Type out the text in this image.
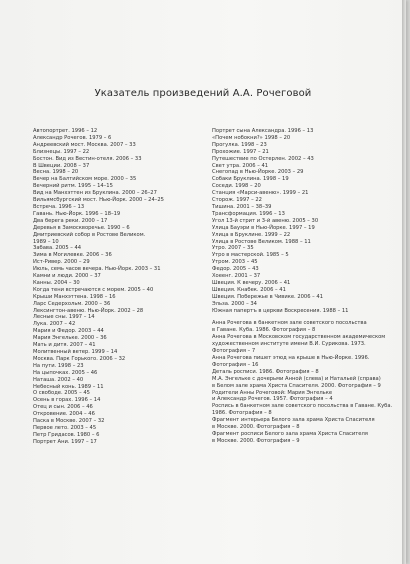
Указатель произведений А.А. Рочеговой
Автопортрет. 1996 – 12
Александр Рочегов. 1979 – 6
Андреевский мост. Москва. 2007 – 33
Близнецы. 1997 – 22
Бостон. Вид из Вестин-отеля. 2006 – 33
В Швеции. 2008 – 37
Весна. 1998 – 20
Вечер на Балтийском море. 2000 – 35
Вечерний ритм. 1995 – 14–15
Вид на Манхэттен из Бруклина. 2000 – 26–27
Вильямсбургский мост. Нью-Йорк. 2000 – 24–25
Встреча. 1996 – 13
Гавань. Нью-Йорк. 1996 – 18–19
Два берега реки. 2000 – 17
Деревья в Замоскворечье. 1990 – 6
Дмитриевский собор в Ростове Великом.
1989 – 10
Забава. 2005 – 44
Зима в Могилевке. 2006 – 36
Ист-Ривер. 2000 – 29
Июль, семь часов вечера. Нью-Йорк. 2003 – 31
Камни и люди. 2000 – 37
Канны. 2004 – 30
Когда тени встречаются с морем. 2005 – 40
Крыши Манхэттена. 1998 – 16
Ларс Седерхольм. 2000 – 36
Лексингтон-авеню. Нью-Йорк. 2002 – 28
Лесные сны. 1997 – 14
Лука. 2007 – 42
Мария и Федор. 2003 – 44
Мария Энгельке. 2000 – 36
Мать и дитя. 2007 – 41
Молитвенный ветер. 1999 – 14
Москва. Парк Горького. 2006 – 32
На пути. 1998 – 23
На цыпочках. 2005 – 46
Наташа. 2002 – 40
Небесный конь. 1989 – 11
О свободе. 2005 – 45
Осень в горах. 1996 – 14
Отец и сын. 2006 – 46
Откровение. 2004 – 46
Паска в Москве. 2007 – 32
Первое лето. 2003 – 45
Петр Гридасов. 1980 – 6
Портрет Ани. 1997 – 17
Портрет сына Александра. 1996 – 13
«Почем нобокни?» 1998 – 20
Прогулка. 1998 – 23
Прохожие. 1997 – 21
Путешествие по Остерлен. 2002 – 43
Свет утра. 2006 – 41
Снегопад в Нью-Йорке. 2003 – 29
Собаки Бруклина. 1998 – 19
Соседи. 1998 – 20
Станция «Марси-авеню». 1999 – 21
Сторож. 1997 – 22
Тишина. 2001 – 38–39
Трансформация. 1996 – 13
Угол 13-й стрит и 3-й авеню. 2005 – 30
Улица Бауэри в Нью-Йорке. 1997 – 19
Улица в Бруклине. 1999 – 22
Улица в Ростове Великом. 1988 – 11
Утро. 2007 – 35
Утро в мастерской. 1985 – 5
Утром. 2003 – 45
Федор. 2005 – 43
Хоеенг. 2001 – 37
Швеция. К вечеру. 2006 – 41
Швеция. Кнабек. 2006 – 41
Швеция. Побережье в Чивике. 2006 – 41
Эльза. 2000 – 34
Южная папертъ в церкви Вoскресения. 1988 – 11
Анна Рочегова в банкетном зале советского посольства
в Гаване. Куба. 1986. Фотография – 8
Анна Рочегова в Московском государственном академическом
художественном институте имени В.И. Сурикова. 1973.
Фотография – 7
Анна Рочегова пишет этюд на крыше в Нью-Йорке. 1996.
Фотография – 16
Деталь росписи. 1986. Фотография – 8
М.А. Энгельке с дочерьми Анной (слева) и Натальей (справа)
в Белом зале храма Христа Спасителя. 2000. Фотография – 9
Родители Анны Рочеговой: Мария Энгельке
и Александр Рочегов. 1957. Фотография – 4
Роспись в банкетном зале советского посольства в Гаване. Куба.
1986. Фотография – 8
Фрагмент интерьера Белого зала храма Христа Спасителя
в Москве. 2000. Фотография – 8
Фрагмент росписи Белого зала храма Христа Спасителя
в Москве. 2000. Фотография – 9
